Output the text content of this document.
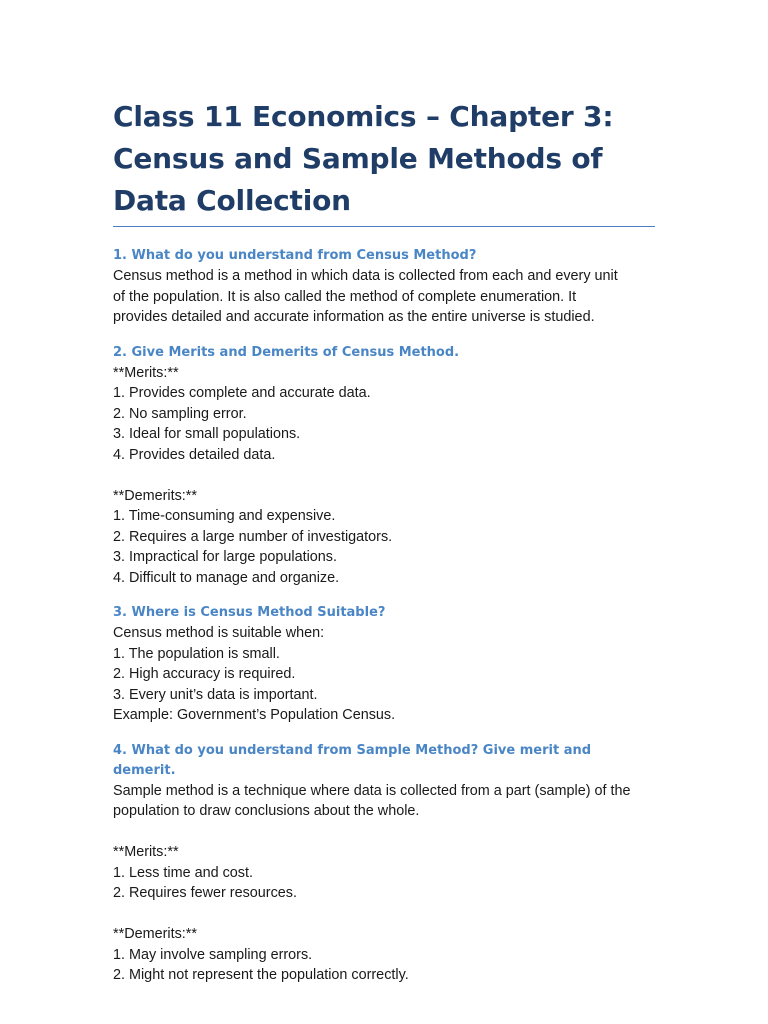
Class 11 Economics – Chapter 3: Census and Sample Methods of Data Collection

1. What do you understand from Census Method?

Census method is a method in which data is collected from each and every unit

of the population. It is also called the method of complete enumeration. It

provides detailed and accurate information as the entire universe is studied.

2. Give Merits and Demerits of Census Method.

**Merits:**

1. Provides complete and accurate data.

2. No sampling error.

3. Ideal for small populations.

4. Provides detailed data.

**Demerits:**

1. Time-consuming and expensive.

2. Requires a large number of investigators.

3. Impractical for large populations.

4. Difficult to manage and organize.

3. Where is Census Method Suitable?

Census method is suitable when:

1. The population is small.

2. High accuracy is required.

3. Every unit’s data is important.

Example: Government’s Population Census.

4. What do you understand from Sample Method? Give merit and demerit.

Sample method is a technique where data is collected from a part (sample) of the

population to draw conclusions about the whole.

**Merits:**

1. Less time and cost.

2. Requires fewer resources.

**Demerits:**

1. May involve sampling errors.

2. Might not represent the population correctly.
